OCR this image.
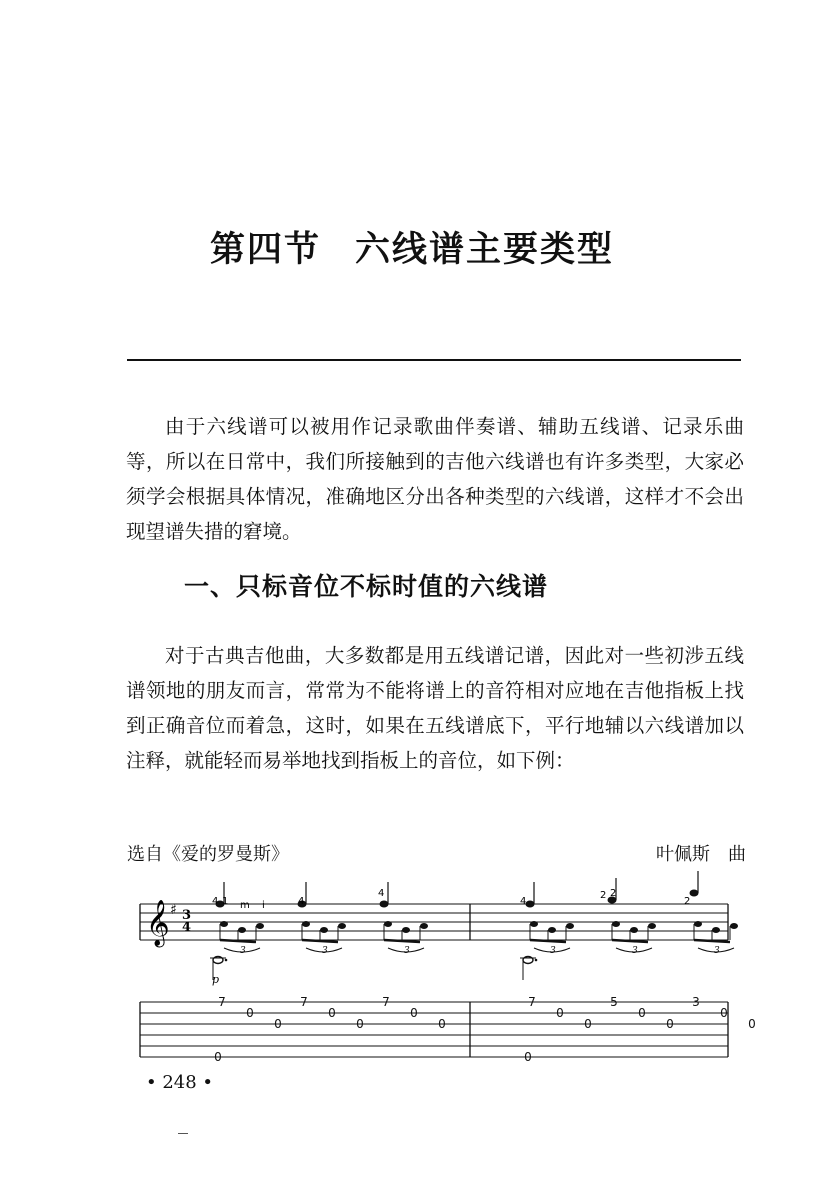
第四节 六线谱主要类型

由于六线谱可以被用作记录歌曲伴奏谱、辅助五线谱、记录乐曲等，所以在日常中，我们所接触到的吉他六线谱也有许多类型，大家必须学会根据具体情况，准确地区分出各种类型的六线谱，这样才不会出现望谱失措的窘境。

一、只标音位不标时值的六线谱

对于古典吉他曲，大多数都是用五线谱记谱，因此对一些初涉五线谱领地的朋友而言，常常为不能将谱上的音符相对应地在吉他指板上找到正确音位而着急，这时，如果在五线谱底下，平行地辅以六线谱加以注释，就能轻而易举地找到指板上的音位，如下例：

选自《爱的罗曼斯》	叶佩斯 曲
𝄞 ♯ 3
4
3	3	3	3	3	3
7
0
0
7
0
0
7
0
0
0
7
0
0
5
0
0
3
0
0
0
4 1 m i	4
4
4
2 2
2
p
• 248 •
